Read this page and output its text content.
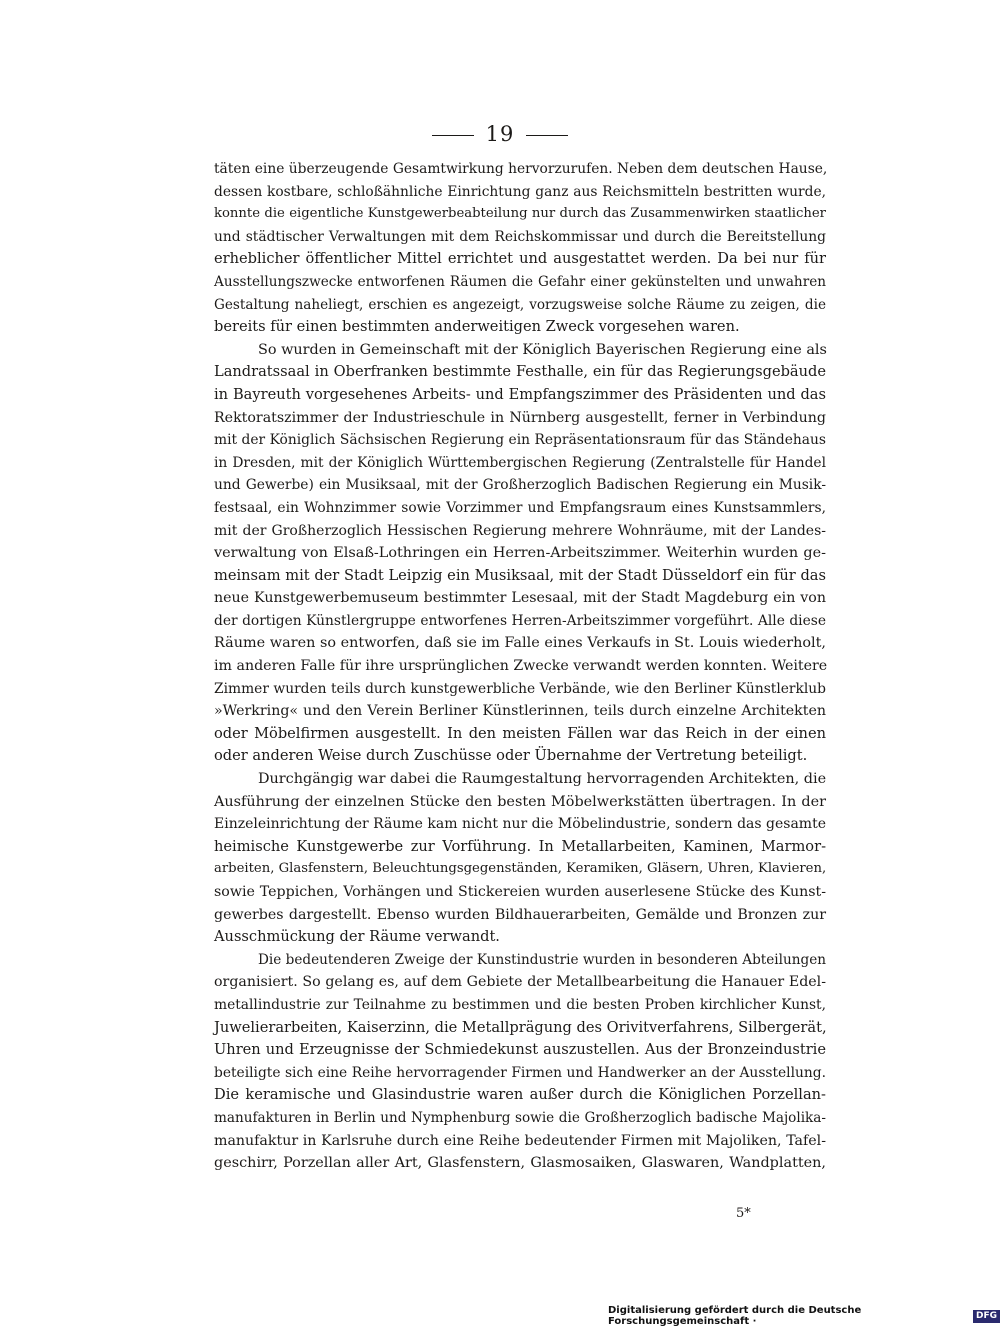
19
täten eine überzeugende Gesamtwirkung hervorzurufen. Neben dem deutschen Hause,
dessen kostbare, schloßähnliche Einrichtung ganz aus Reichsmitteln bestritten wurde,
konnte die eigentliche Kunstgewerbeabteilung nur durch das Zusammenwirken staatlicher
und städtischer Verwaltungen mit dem Reichskommissar und durch die Bereitstellung
erheblicher öffentlicher Mittel errichtet und ausgestattet werden. Da bei nur für
Ausstellungszwecke entworfenen Räumen die Gefahr einer gekünstelten und unwahren
Gestaltung naheliegt, erschien es angezeigt, vorzugsweise solche Räume zu zeigen, die
bereits für einen bestimmten anderweitigen Zweck vorgesehen waren.
So wurden in Gemeinschaft mit der Königlich Bayerischen Regierung eine als
Landratssaal in Oberfranken bestimmte Festhalle, ein für das Regierungsgebäude
in Bayreuth vorgesehenes Arbeits- und Empfangszimmer des Präsidenten und das
Rektoratszimmer der Industrieschule in Nürnberg ausgestellt, ferner in Verbindung
mit der Königlich Sächsischen Regierung ein Repräsentationsraum für das Ständehaus
in Dresden, mit der Königlich Württembergischen Regierung (Zentralstelle für Handel
und Gewerbe) ein Musiksaal, mit der Großherzoglich Badischen Regierung ein Musik-
festsaal, ein Wohnzimmer sowie Vorzimmer und Empfangsraum eines Kunstsammlers,
mit der Großherzoglich Hessischen Regierung mehrere Wohnräume, mit der Landes-
verwaltung von Elsaß-Lothringen ein Herren-Arbeitszimmer. Weiterhin wurden ge-
meinsam mit der Stadt Leipzig ein Musiksaal, mit der Stadt Düsseldorf ein für das
neue Kunstgewerbemuseum bestimmter Lesesaal, mit der Stadt Magdeburg ein von
der dortigen Künstlergruppe entworfenes Herren-Arbeitszimmer vorgeführt. Alle diese
Räume waren so entworfen, daß sie im Falle eines Verkaufs in St. Louis wiederholt,
im anderen Falle für ihre ursprünglichen Zwecke verwandt werden konnten. Weitere
Zimmer wurden teils durch kunstgewerbliche Verbände, wie den Berliner Künstlerklub
»Werkring« und den Verein Berliner Künstlerinnen, teils durch einzelne Architekten
oder Möbelfirmen ausgestellt. In den meisten Fällen war das Reich in der einen
oder anderen Weise durch Zuschüsse oder Übernahme der Vertretung beteiligt.
Durchgängig war dabei die Raumgestaltung hervorragenden Architekten, die
Ausführung der einzelnen Stücke den besten Möbelwerkstätten übertragen. In der
Einzeleinrichtung der Räume kam nicht nur die Möbelindustrie, sondern das gesamte
heimische Kunstgewerbe zur Vorführung. In Metallarbeiten, Kaminen, Marmor-
arbeiten, Glasfenstern, Beleuchtungsgegenständen, Keramiken, Gläsern, Uhren, Klavieren,
sowie Teppichen, Vorhängen und Stickereien wurden auserlesene Stücke des Kunst-
gewerbes dargestellt. Ebenso wurden Bildhauerarbeiten, Gemälde und Bronzen zur
Ausschmückung der Räume verwandt.
Die bedeutenderen Zweige der Kunstindustrie wurden in besonderen Abteilungen
organisiert. So gelang es, auf dem Gebiete der Metallbearbeitung die Hanauer Edel-
metallindustrie zur Teilnahme zu bestimmen und die besten Proben kirchlicher Kunst,
Juwelierarbeiten, Kaiserzinn, die Metallprägung des Orivitverfahrens, Silbergerät,
Uhren und Erzeugnisse der Schmiedekunst auszustellen. Aus der Bronzeindustrie
beteiligte sich eine Reihe hervorragender Firmen und Handwerker an der Ausstellung.
Die keramische und Glasindustrie waren außer durch die Königlichen Porzellan-
manufakturen in Berlin und Nymphenburg sowie die Großherzoglich badische Majolika-
manufaktur in Karlsruhe durch eine Reihe bedeutender Firmen mit Majoliken, Tafel-
geschirr, Porzellan aller Art, Glasfenstern, Glasmosaiken, Glaswaren, Wandplatten,
5*
Digitalisierung gefördert durch die Deutsche Forschungsgemeinschaft ·
DFG
